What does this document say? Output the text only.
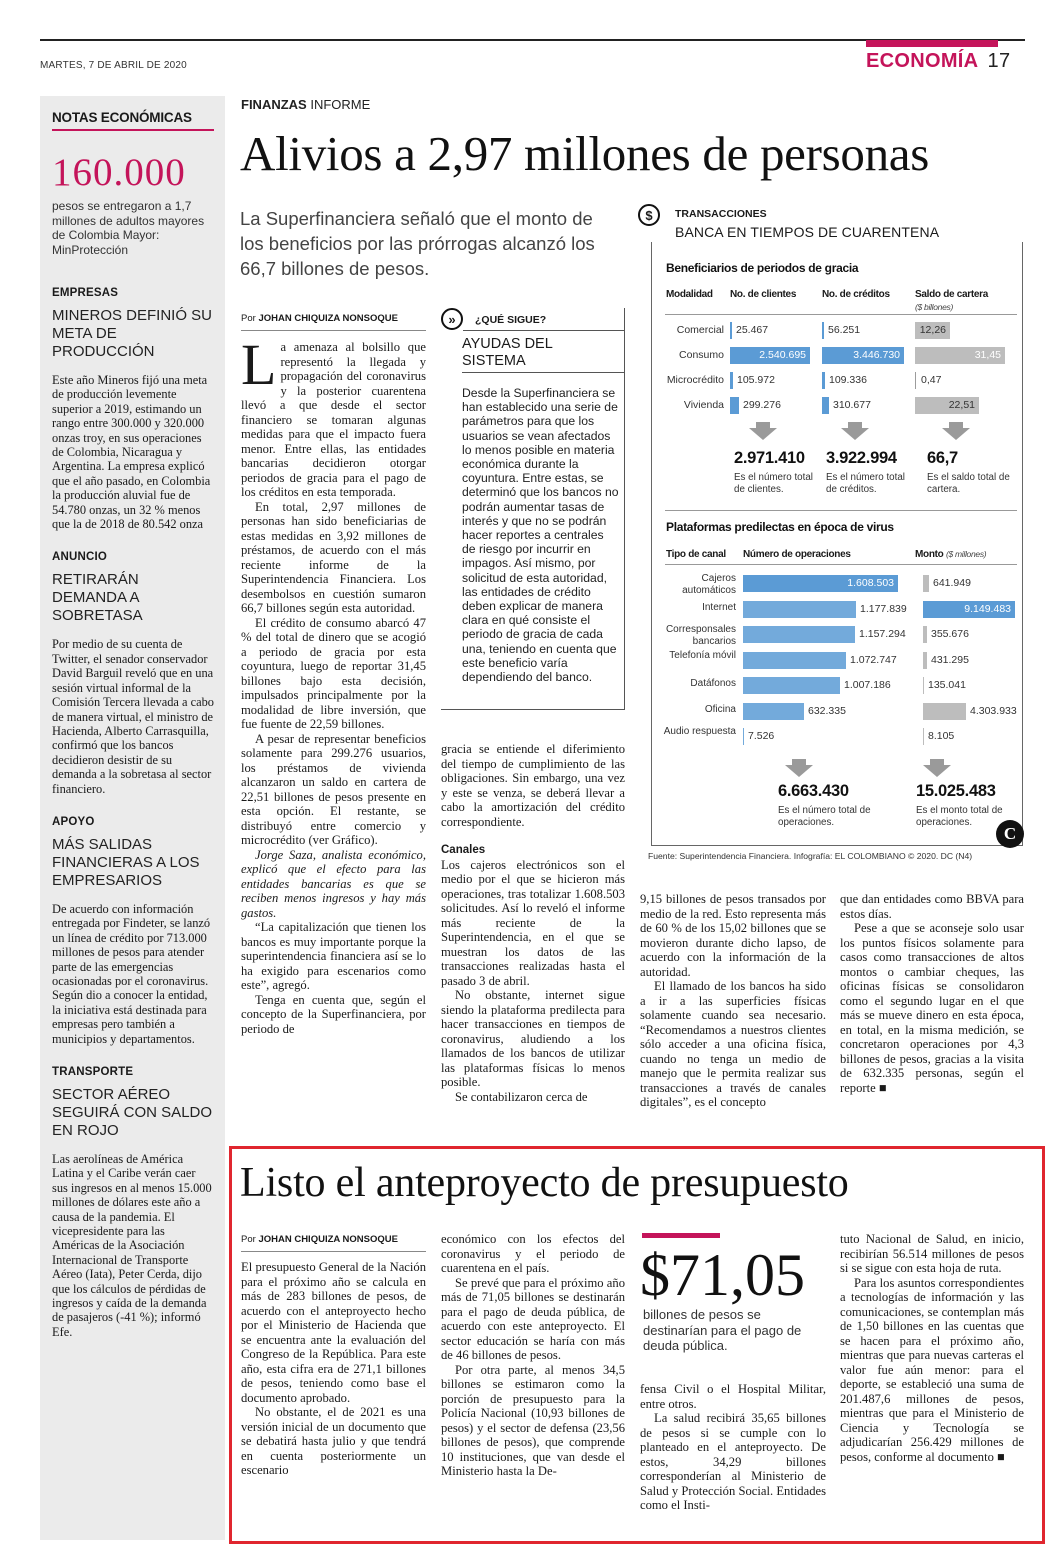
MARTES, 7 DE ABRIL DE 2020	ECONOMÍA 17
NOTAS ECONÓMICAS
160.000
pesos se entregaron a 1,7 millones de adultos mayores de Colombia Mayor: MinProtección
EMPRESAS
MINEROS DEFINIÓ SU META DE PRODUCCIÓN
Este año Mineros fijó una meta de producción levemente superior a 2019, estimando un rango entre 300.000 y 320.000 onzas troy, en sus operaciones de Colombia, Nicaragua y Argentina. La empresa explicó que el año pasado, en Colombia la producción aluvial fue de 54.780 onzas, un 32 % menos que la de 2018 de 80.542 onza
ANUNCIO
RETIRARÁN DEMANDA A SOBRETASA
Por medio de su cuenta de Twitter, el senador conservador David Barguil reveló que en una sesión virtual informal de la Comisión Tercera llevada a cabo de manera virtual, el ministro de Hacienda, Alberto Carrasquilla, confirmó que los bancos decidieron desistir de su demanda a la sobretasa al sector financiero.
APOYO
MÁS SALIDAS FINANCIERAS A LOS EMPRESARIOS
De acuerdo con información entregada por Findeter, se lanzó un línea de crédito por 713.000 millones de pesos para atender parte de las emergencias ocasionadas por el coronavirus. Según dio a conocer la entidad, la iniciativa está destinada para empresas pero también a municipios y departamentos.
TRANSPORTE
SECTOR AÉREO SEGUIRÁ CON SALDO EN ROJO
Las aerolíneas de América Latina y el Caribe verán caer sus ingresos en al menos 15.000 millones de dólares este año a causa de la pandemia. El vicepresidente para las Américas de la Asociación Internacional de Transporte Aéreo (Iata), Peter Cerda, dijo que los cálculos de pérdidas de ingresos y caída de la demanda de pasajeros (-41 %); informó Efe.
FINANZAS INFORME
Alivios a 2,97 millones de personas
La Superfinanciera señaló que el monto de los beneficios por las prórrogas alcanzó los 66,7 billones de pesos.
Por JOHAN CHIQUIZA NONSOQUE

La amenaza al bolsillo que representó la llegada y propagación del coronavirus y la posterior cuarentena llevó a que desde el sector financiero se tomaran algunas medidas para que el impacto fuera menor. Entre ellas, las entidades bancarias decidieron otorgar periodos de gracia para el pago de los créditos en esta temporada.

En total, 2,97 millones de personas han sido beneficiarias de estas medidas en 3,92 millones de préstamos, de acuerdo con el más reciente informe de la Superintendencia Financiera. Los desembolsos en cuestión sumaron 66,7 billones según esta autoridad.

El crédito de consumo abarcó 47 % del total de dinero que se acogió a periodo de gracia por esta coyuntura, luego de reportar 31,45 billones bajo esta decisión, impulsados principalmente por la modalidad de libre inversión, que fue fuente de 22,59 billones.

A pesar de representar beneficios solamente para 299.276 usuarios, los préstamos de vivienda alcanzaron un saldo en cartera de 22,51 billones de pesos presente en esta opción. El restante, se distribuyó entre comercio y microcrédito (ver Gráfico).

Jorge Saza, analista económico, explicó que el efecto para las entidades bancarias es que se reciben menos ingresos y hay más gastos.

“La capitalización que tienen los bancos es muy importante porque la superintendencia financiera así se lo ha exigido para escenarios como este”, agregó.

Tenga en cuenta que, según el concepto de la Superfinanciera, por periodo de

»	¿QUÉ SIGUE?
AYUDAS DEL SISTEMA
Desde la Superfinanciera se han establecido una serie de parámetros para que los usuarios se vean afectados lo menos posible en materia económica durante la coyuntura. Entre estas, se determinó que los bancos no podrán aumentar tasas de interés y que no se podrán hacer reportes a centrales de riesgo por incurrir en impagos. Así mismo, por solicitud de esta autoridad, las entidades de crédito deben explicar de manera clara en qué consiste el periodo de gracia de cada una, teniendo en cuenta que este beneficio varía dependiendo del banco.

gracia se entiende el diferimiento del tiempo de cumplimiento de las obligaciones. Sin embargo, una vez y este se venza, se deberá llevar a cabo la amortización del crédito correspondiente.

Canales

Los cajeros electrónicos son el medio por el que se hicieron más operaciones, tras totalizar 1.608.503 solicitudes. Así lo reveló el informe más reciente de la Superintendencia, en el que se muestran los datos de las transacciones realizadas hasta el pasado 3 de abril.

No obstante, internet sigue siendo la plataforma predilecta para hacer transacciones en tiempos de coronavirus, aludiendo a los llamados de los bancos de utilizar las plataformas físicas lo menos posible.

Se contabilizaron cerca de

9,15 billones de pesos transados por medio de la red. Esto representa más de 60 % de los 15,02 billones que se movieron durante dicho lapso, de acuerdo con la información de la autoridad.

El llamado de los bancos ha sido a ir a las superficies físicas solamente cuando sea necesario. “Recomendamos a nuestros clientes sólo acceder a una oficina física, cuando no tenga un medio de manejo que le permita realizar sus transacciones a través de canales digitales”, es el concepto

que dan entidades como BBVA para estos días.

Pese a que se aconseje solo usar los puntos físicos solamente para casos como transacciones de altos montos o cambiar cheques, las oficinas físicas se consolidaron como el segundo lugar en el que más se mueve dinero en esta época, en total, en la misma medición, se concretaron operaciones por 4,3 billones de pesos, gracias a la visita de 632.335 personas, según el reporte ■

$	TRANSACCIONES
BANCA EN TIEMPOS DE CUARENTENA
Beneficiarios de periodos de gracia
Modalidad No. de clientes	No. de créditos	Saldo de cartera
($ billones)
Comercial 25.467	56.251	12,26
Consumo	2.540.695	3.446.730	31,45
Microcrédito 105.972	109.336	0,47
Vivienda 299.276	310.677	22,51
2.971.410
Es el número total de clientes.
3.922.994
Es el número total de créditos.
66,7
Es el saldo total de cartera.
Plataformas predilectas en época de virus
Tipo de canal Número de operaciones	Monto ($ millones)
Cajeros automáticos
1.608.503	641.949
Internet	1.177.839	9.149.483
Corresponsales bancarios
1.157.294 355.676
Telefonía móvil	1.072.747	431.295
Datáfonos	1.007.186	135.041
Oficina	632.335	4.303.933
Audio respuesta 7.526	8.105
6.663.430
Es el número total de operaciones.
15.025.483
Es el monto total de operaciones.
C
Fuente: Superintendencia Financiera. Infografía: EL COLOMBIANO © 2020. DC (N4)
Listo el anteproyecto de presupuesto
Por JOHAN CHIQUIZA NONSOQUE

El presupuesto General de la Nación para el próximo año se calcula en más de 283 billones de pesos, de acuerdo con el anteproyecto hecho por el Ministerio de Hacienda que se encuentra ante la evaluación del Congreso de la República. Para este año, esta cifra era de 271,1 billones de pesos, teniendo como base el documento aprobado.

No obstante, el de 2021 es una versión inicial de un documento que se debatirá hasta julio y que tendrá en cuenta posteriormente un escenario

económico con los efectos del coronavirus y el periodo de cuarentena en el país.

Se prevé que para el próximo año más de 71,05 billones se destinarán para el pago de deuda pública, de acuerdo con este anteproyecto. El sector educación se haría con más de 46 billones de pesos.

Por otra parte, al menos 34,5 billones se estimaron como la porción de presupuesto para la Policía Nacional (10,93 billones de pesos) y el sector de defensa (23,56 billones de pesos), que comprende 10 instituciones, que van desde el Ministerio hasta la De-

$71,05
billones de pesos se destinarían para el pago de deuda pública.

fensa Civil o el Hospital Militar, entre otros.

La salud recibirá 35,65 billones de pesos si se cumple con lo planteado en el anteproyecto. De estos, 34,29 billones corresponderían al Ministerio de Salud y Protección Social. Entidades como el Insti-

tuto Nacional de Salud, en inicio, recibirían 56.514 millones de pesos si se sigue con esta hoja de ruta.

Para los asuntos correspondientes a tecnologías de información y las comunicaciones, se contemplan más de 1,50 billones en las cuentas que se hacen para el próximo año, mientras que para nuevas carteras el valor fue aún menor: para el deporte, se estableció una suma de 201.487,6 millones de pesos, mientras que para el Ministerio de Ciencia y Tecnología se adjudicarían 256.429 millones de pesos, conforme al documento ■
